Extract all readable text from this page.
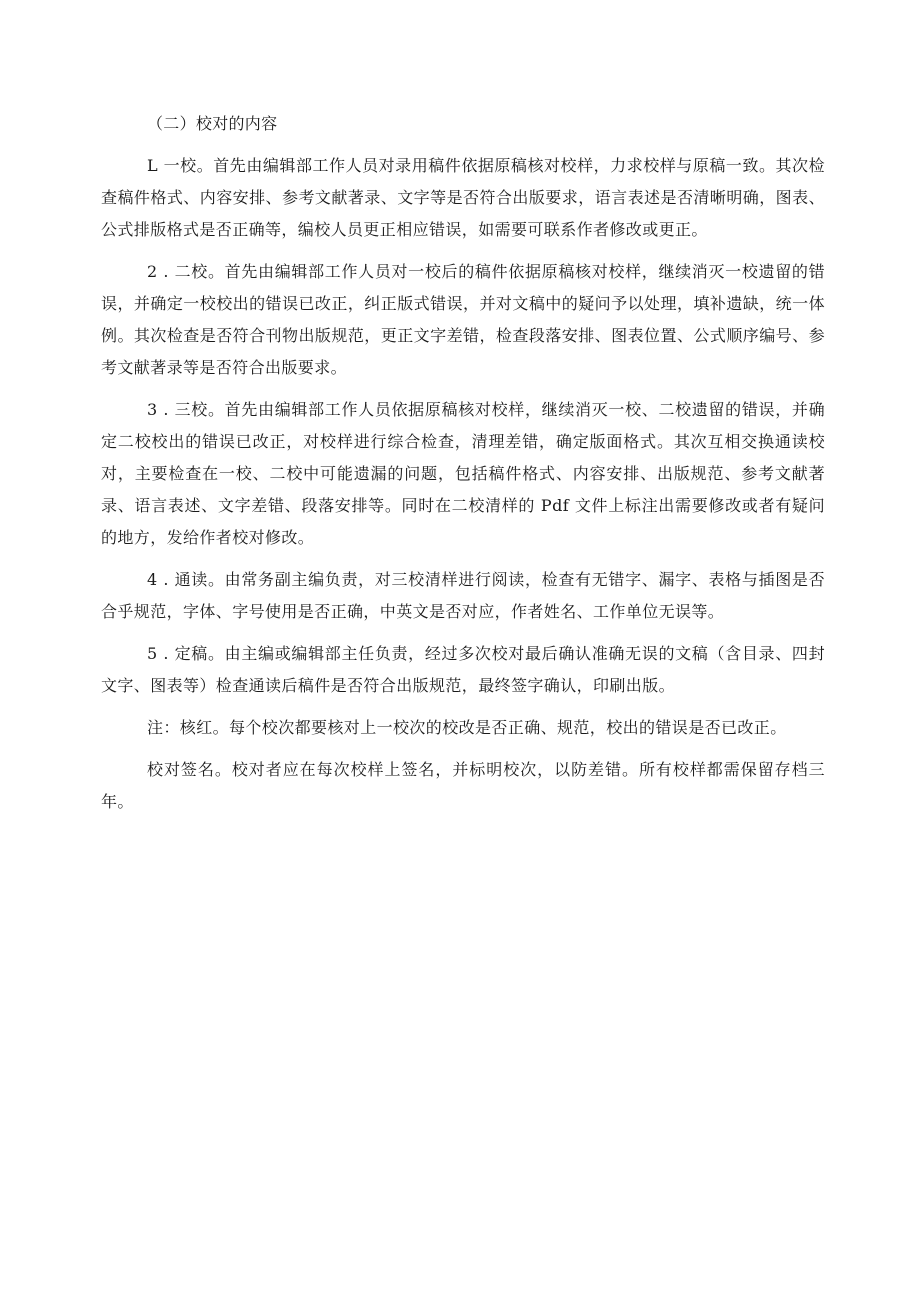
（二）校对的内容

L 一校。首先由编辑部工作人员对录用稿件依据原稿核对校样，力求校样与原稿一致。其次检查稿件格式、内容安排、参考文献著录、文字等是否符合出版要求，语言表述是否清晰明确，图表、公式排版格式是否正确等，编校人员更正相应错误，如需要可联系作者修改或更正。

2 . 二校。首先由编辑部工作人员对一校后的稿件依据原稿核对校样，继续消灭一校遗留的错误，并确定一校校出的错误已改正，纠正版式错误，并对文稿中的疑问予以处理，填补遗缺，统一体例。其次检查是否符合刊物出版规范，更正文字差错，检查段落安排、图表位置、公式顺序编号、参考文献著录等是否符合出版要求。

3 . 三校。首先由编辑部工作人员依据原稿核对校样，继续消灭一校、二校遗留的错误，并确定二校校出的错误已改正，对校样进行综合检查，清理差错，确定版面格式。其次互相交换通读校对，主要检查在一校、二校中可能遗漏的问题，包括稿件格式、内容安排、出版规范、参考文献著录、语言表述、文字差错、段落安排等。同时在二校清样的 Pdf 文件上标注出需要修改或者有疑问的地方，发给作者校对修改。

4 . 通读。由常务副主编负责，对三校清样进行阅读，检查有无错字、漏字、表格与插图是否合乎规范，字体、字号使用是否正确，中英文是否对应，作者姓名、工作单位无误等。

5 . 定稿。由主编或编辑部主任负责，经过多次校对最后确认准确无误的文稿（含目录、四封文字、图表等）检查通读后稿件是否符合出版规范，最终签字确认，印刷出版。

注：核红。每个校次都要核对上一校次的校改是否正确、规范，校出的错误是否已改正。

校对签名。校对者应在每次校样上签名，并标明校次，以防差错。所有校样都需保留存档三年。
